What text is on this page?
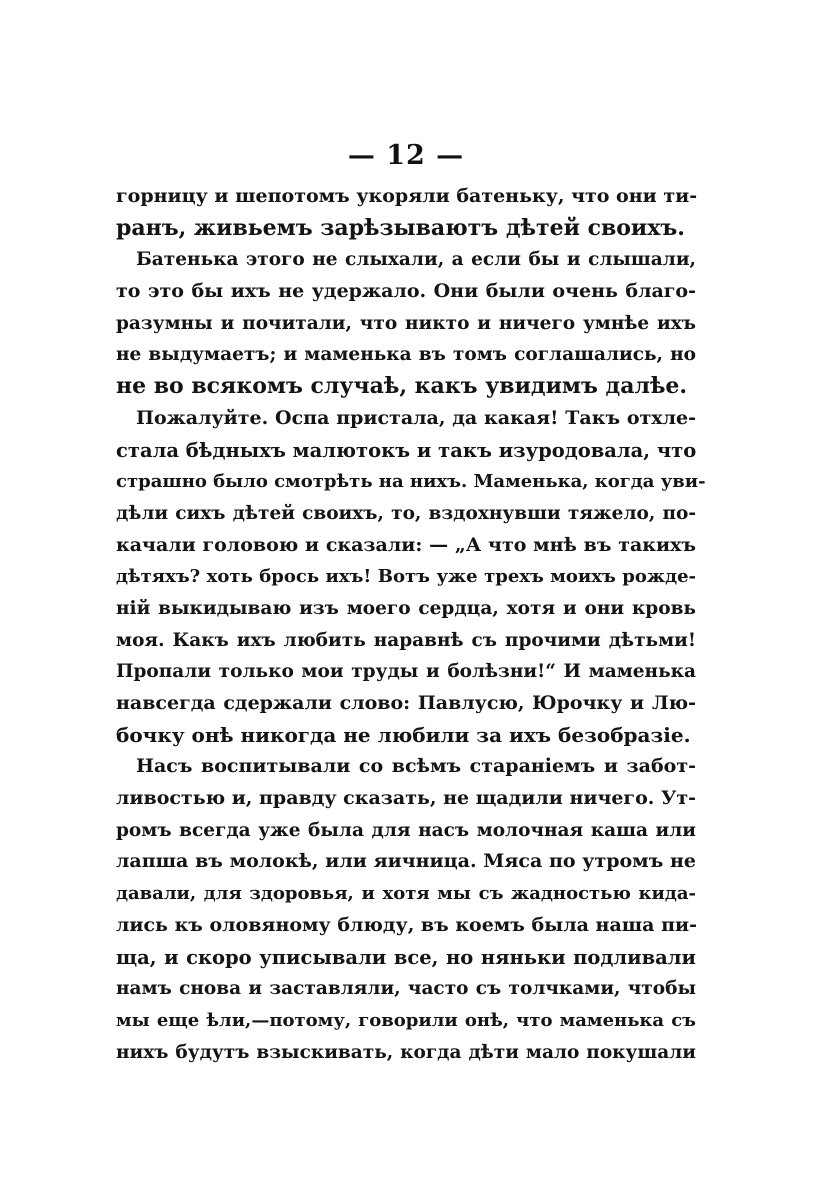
— 12 —
горницу и шепотомъ укоряли батеньку, что они ти-
ранъ, живьемъ зарѣзываютъ дѣтей своихъ.
Батенька этого не слыхали, а если бы и слышали,
то это бы ихъ не удержало. Они были очень благо-
разумны и почитали, что никто и ничего умнѣе ихъ
не выдумаетъ; и маменька въ томъ соглашались, но
не во всякомъ случаѣ, какъ увидимъ далѣе.
Пожалуйте. Оспа пристала, да какая! Такъ отхле-
стала бѣдныхъ малютокъ и такъ изуродовала, что
страшно было смотрѣть на нихъ. Маменька, когда уви-
дѣли сихъ дѣтей своихъ, то, вздохнувши тяжело, по-
качали головою и сказали: — „А что мнѣ въ такихъ
дѣтяхъ? хоть брось ихъ! Вотъ уже трехъ моихъ рожде-
ній выкидываю изъ моего сердца, хотя и они кровь
моя. Какъ ихъ любить наравнѣ съ прочими дѣтьми!
Пропали только мои труды и болѣзни!“ И маменька
навсегда сдержали слово: Павлусю, Юрочку и Лю-
бочку онѣ никогда не любили за ихъ безобразіе.
Насъ воспитывали со всѣмъ стараніемъ и забот-
ливостью и, правду сказать, не щадили ничего. Ут-
ромъ всегда уже была для насъ молочная каша или
лапша въ молокѣ, или яичница. Мяса по утромъ не
давали, для здоровья, и хотя мы съ жадностью кида-
лись къ оловяному блюду, въ коемъ была наша пи-
ща, и скоро уписывали все, но няньки подливали
намъ снова и заставляли, часто съ толчками, чтобы
мы еще ѣли,—потому, говорили онѣ, что маменька съ
нихъ будутъ взыскивать, когда дѣти мало покушали
